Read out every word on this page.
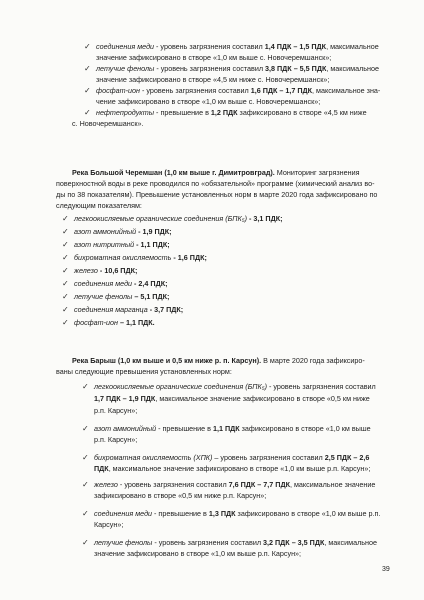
✓ соединения меди - уровень загрязнения составил 1,4 ПДК – 1,5 ПДК, максимальное
значение зафиксировано в створе «1,0 км выше с. Новочеремшанск»;
✓ летучие фенолы - уровень загрязнения составил 3,8 ПДК – 5,5 ПДК, максимальное
значение зафиксировано в створе «4,5 км ниже с. Новочеремшанск»;
✓ фосфат-ион - уровень загрязнения составил 1,6 ПДК – 1,7 ПДК, максимальное зна-
чение зафиксировано в створе «1,0 км выше с. Новочеремшанск»;
✓ нефтепродукты - превышение в 1,2 ПДК зафиксировано в створе «4,5 км ниже
с. Новочеремшанск».
Река Большой Черемшан (1,0 км выше г. Димитровград). Мониторинг загрязнения
поверхностной воды в реке проводился по «обязательной» программе (химический анализ во-
ды по 38 показателям). Превышение установленных норм в марте 2020 года зафиксировано по
следующим показателям:
✓ легкоокисляемые органические соединения (БПК₅) - 3,1 ПДК;
✓ азот аммонийный - 1,9 ПДК;
✓ азот нитритный - 1,1 ПДК;
✓ бихроматная окисляемость - 1,6 ПДК;
✓ железо - 10,6 ПДК;
✓ соединения меди - 2,4 ПДК;
✓ летучие фенолы – 5,1 ПДК;
✓ соединения марганца - 3,7 ПДК;
✓ фосфат-ион – 1,1 ПДК.
Река Барыш (1,0 км выше и 0,5 км ниже р. п. Карсун). В марте 2020 года зафиксиро-
ваны следующие превышения установленных норм:
✓ легкоокисляемые органические соединения (БПК₅) - уровень загрязнения составил
1,7 ПДК – 1,9 ПДК, максимальное значение зафиксировано в створе «0,5 км ниже
р.п. Карсун»;
✓ азот аммонийный - превышение в 1,1 ПДК зафиксировано в створе «1,0 км выше
р.п. Карсун»;
✓ бихроматная окисляемость (ХПК) – уровень загрязнения составил 2,5 ПДК – 2,6
ПДК, максимальное значение зафиксировано в створе «1,0 км выше р.п. Карсун»;
✓ железо - уровень загрязнения составил 7,6 ПДК – 7,7 ПДК, максимальное значение
зафиксировано в створе «0,5 км ниже р.п. Карсун»;
✓ соединения меди - превышение в 1,3 ПДК зафиксировано в створе «1,0 км выше р.п.
Карсун»;
✓ летучие фенолы - уровень загрязнения составил 3,2 ПДК – 3,5 ПДК, максимальное
значение зафиксировано в створе «1,0 км выше р.п. Карсун»;
39
